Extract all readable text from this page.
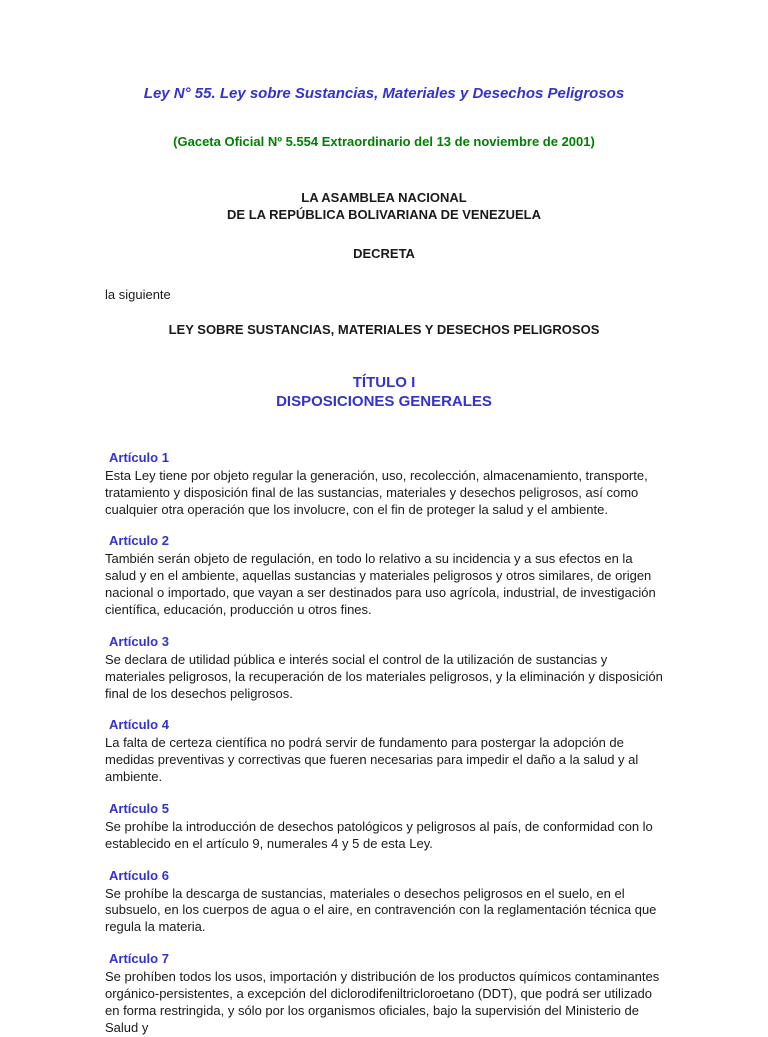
Ley N° 55. Ley sobre Sustancias, Materiales y Desechos Peligrosos

(Gaceta Oficial Nº 5.554 Extraordinario del 13 de noviembre de 2001)

LA ASAMBLEA NACIONAL
DE LA REPÚBLICA BOLIVARIANA DE VENEZUELA

DECRETA

la siguiente

LEY SOBRE SUSTANCIAS, MATERIALES Y DESECHOS PELIGROSOS

TÍTULO I
DISPOSICIONES GENERALES

Artículo 1

Esta Ley tiene por objeto regular la generación, uso, recolección, almacenamiento, transporte, tratamiento y disposición final de las sustancias, materiales y desechos peligrosos, así como cualquier otra operación que los involucre, con el fin de proteger la salud y el ambiente.

Artículo 2

También serán objeto de regulación, en todo lo relativo a su incidencia y a sus efectos en la salud y en el ambiente, aquellas sustancias y materiales peligrosos y otros similares, de origen nacional o importado, que vayan a ser destinados para uso agrícola, industrial, de investigación científica, educación, producción u otros fines.

Artículo 3

Se declara de utilidad pública e interés social el control de la utilización de sustancias y materiales peligrosos, la recuperación de los materiales peligrosos, y la eliminación y disposición final de los desechos peligrosos.

Artículo 4

La falta de certeza científica no podrá servir de fundamento para postergar la adopción de medidas preventivas y correctivas que fueren necesarias para impedir el daño a la salud y al ambiente.

Artículo 5

Se prohíbe la introducción de desechos patológicos y peligrosos al país, de conformidad con lo establecido en el artículo 9, numerales 4 y 5 de esta Ley.

Artículo 6

Se prohíbe la descarga de sustancias, materiales o desechos peligrosos en el suelo, en el subsuelo, en los cuerpos de agua o el aire, en contravención con la reglamentación técnica que regula la materia.

Artículo 7

Se prohíben todos los usos, importación y distribución de los productos químicos contaminantes orgánico-persistentes, a excepción del diclorodifeniltricloroetano (DDT), que podrá ser utilizado en forma restringida, y sólo por los organismos oficiales, bajo la supervisión del Ministerio de Salud y
